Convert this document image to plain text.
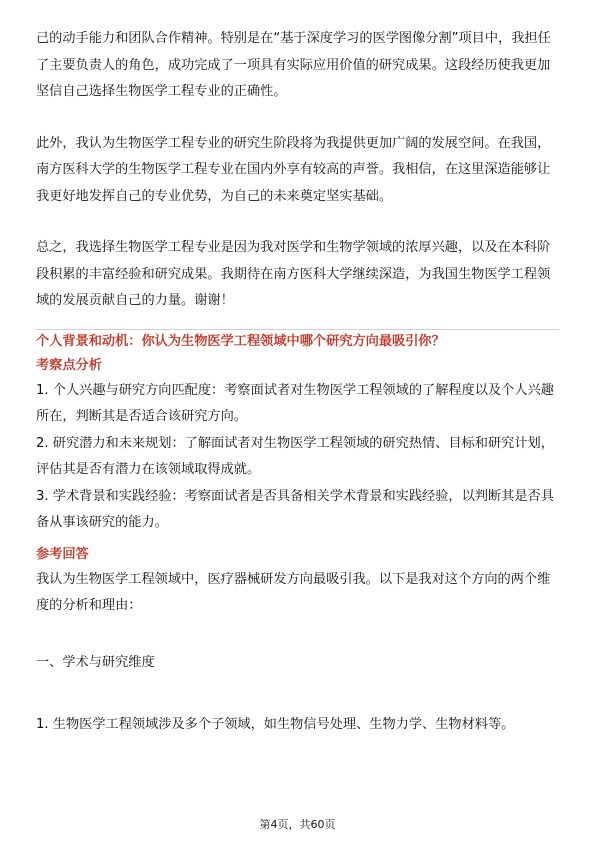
己的动手能力和团队合作精神。特别是在“基于深度学习的医学图像分割”项目中，我担任了主要负责人的角色，成功完成了一项具有实际应用价值的研究成果。这段经历使我更加坚信自己选择生物医学工程专业的正确性。

此外，我认为生物医学工程专业的研究生阶段将为我提供更加广阔的发展空间。在我国，南方医科大学的生物医学工程专业在国内外享有较高的声誉。我相信，在这里深造能够让我更好地发挥自己的专业优势，为自己的未来奠定坚实基础。

总之，我选择生物医学工程专业是因为我对医学和生物学领域的浓厚兴趣，以及在本科阶段积累的丰富经验和研究成果。我期待在南方医科大学继续深造，为我国生物医学工程领域的发展贡献自己的力量。谢谢！

个人背景和动机：你认为生物医学工程领域中哪个研究方向最吸引你？

考察点分析

1. 个人兴趣与研究方向匹配度：考察面试者对生物医学工程领域的了解程度以及个人兴趣所在，判断其是否适合该研究方向。

2. 研究潜力和未来规划：了解面试者对生物医学工程领域的研究热情、目标和研究计划，评估其是否有潜力在该领域取得成就。

3. 学术背景和实践经验：考察面试者是否具备相关学术背景和实践经验，以判断其是否具备从事该研究的能力。

参考回答

我认为生物医学工程领域中，医疗器械研发方向最吸引我。以下是我对这个方向的两个维度的分析和理由：

一、学术与研究维度

1. 生物医学工程领域涉及多个子领域，如生物信号处理、生物力学、生物材料等。

第4页，共60页
